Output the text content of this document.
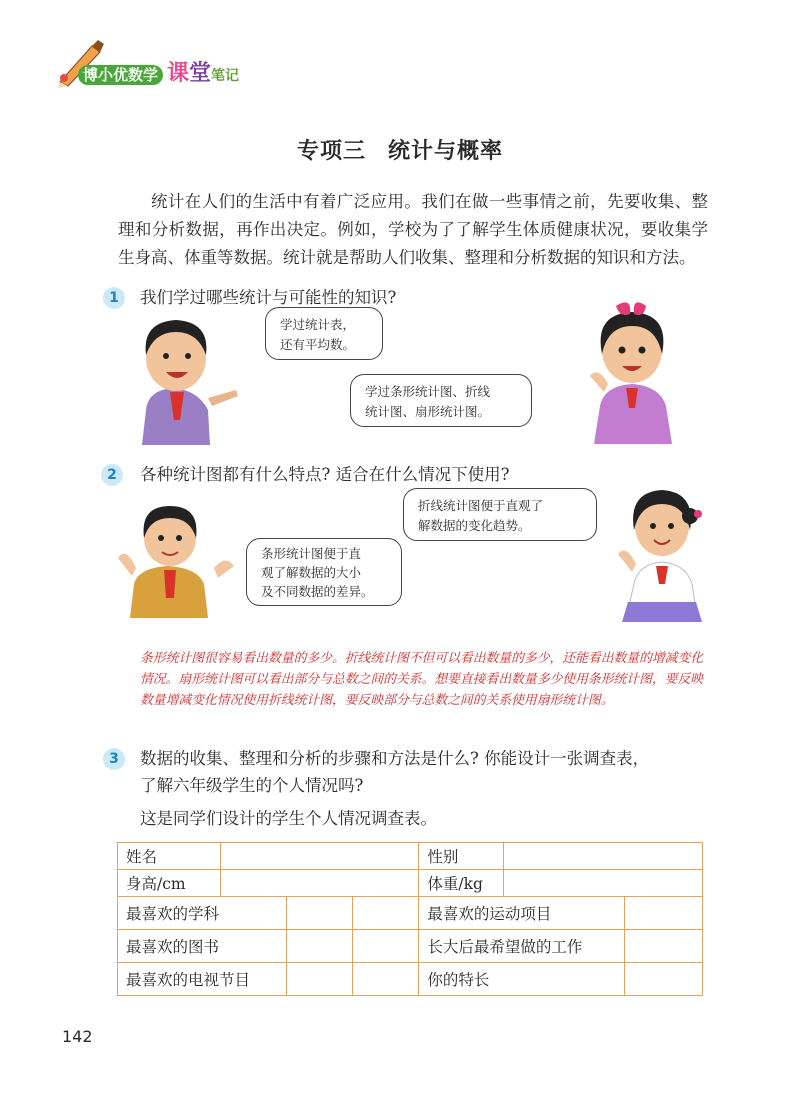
博小优数学 课堂笔记
专项三 统计与概率
统计在人们的生活中有着广泛应用。我们在做一些事情之前，先要收集、整理和分析数据，再作出决定。例如，学校为了了解学生体质健康状况，要收集学生身高、体重等数据。统计就是帮助人们收集、整理和分析数据的知识和方法。
1	我们学过哪些统计与可能性的知识?
学过统计表，
还有平均数。
学过条形统计图、折线
统计图、扇形统计图。
2	各种统计图都有什么特点? 适合在什么情况下使用?
折线统计图便于直观了
解数据的变化趋势。
条形统计图便于直
观了解数据的大小
及不同数据的差异。
条形统计图很容易看出数量的多少。折线统计图不但可以看出数量的多少，还能看出数量的增减变化情况。扇形统计图可以看出部分与总数之间的关系。想要直接看出数量多少使用条形统计图，要反映数量增减变化情况使用折线统计图，要反映部分与总数之间的关系使用扇形统计图。
3	数据的收集、整理和分析的步骤和方法是什么? 你能设计一张调查表，
了解六年级学生的个人情况吗?
这是同学们设计的学生个人情况调查表。
姓名				性别		
身高/cm				体重/kg		
最喜欢的学科				最喜欢的运动项目		
最喜欢的图书				长大后最希望做的工作		
最喜欢的电视节目				你的特长		
142
